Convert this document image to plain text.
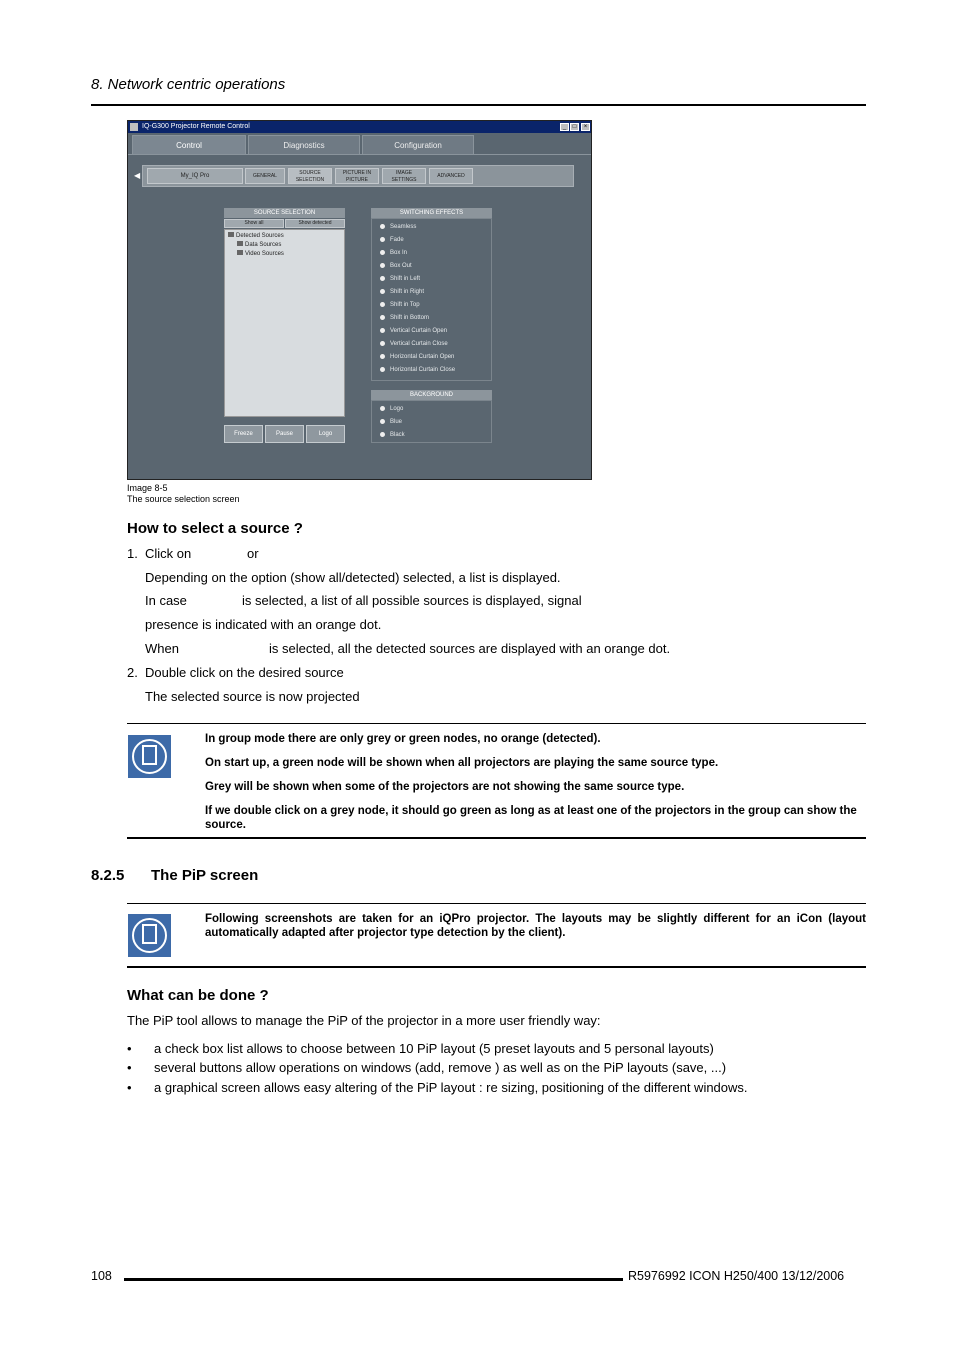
8. Network centric operations
IQ-G300 Projector Remote Control	_	□	×
Control	Diagnostics	Configuration
◀	My_IQ Pro	GENERAL	SOURCE SELECTION
PICTURE IN PICTURE
IMAGE SETTINGS
ADVANCED
SOURCE SELECTION
Show all	Show detected
Detected Sources
Data Sources
Video Sources
Freeze	Pause	Logo
SWITCHING EFFECTS
Seamless
Fade
Box In
Box Out
Shift in Left
Shift in Right
Shift in Top
Shift in Bottom
Vertical Curtain Open
Vertical Curtain Close
Horizontal Curtain Open
Horizontal Curtain Close
BACKGROUND
Logo
Blue
Black
Image 8-5
The source selection screen
How to select a source ?
1. Click on	or
Depending on the option (show all/detected) selected, a list is displayed.
In case	is selected, a list of all possible sources is displayed, signal
presence is indicated with an orange dot.
When	is selected, all the detected sources are displayed with an orange dot.
2. Double click on the desired source
The selected source is now projected
In group mode there are only grey or green nodes, no orange (detected).
On start up, a green node will be shown when all projectors are playing the same source type.
Grey will be shown when some of the projectors are not showing the same source type.
If we double click on a grey node, it should go green as long as at least one of the projectors in the group can show the source.
8.2.5 The PiP screen
Following screenshots are taken for an iQPro projector. The layouts may be slightly different for an iCon (layout automatically adapted after projector type detection by the client).
What can be done ?
The PiP tool allows to manage the PiP of the projector in a more user friendly way:
• a check box list allows to choose between 10 PiP layout (5 preset layouts and 5 personal layouts)
• several buttons allow operations on windows (add, remove ) as well as on the PiP layouts (save, ...)
• a graphical screen allows easy altering of the PiP layout : re sizing, positioning of the different windows.
108	R5976992 ICON H250/400 13/12/2006
